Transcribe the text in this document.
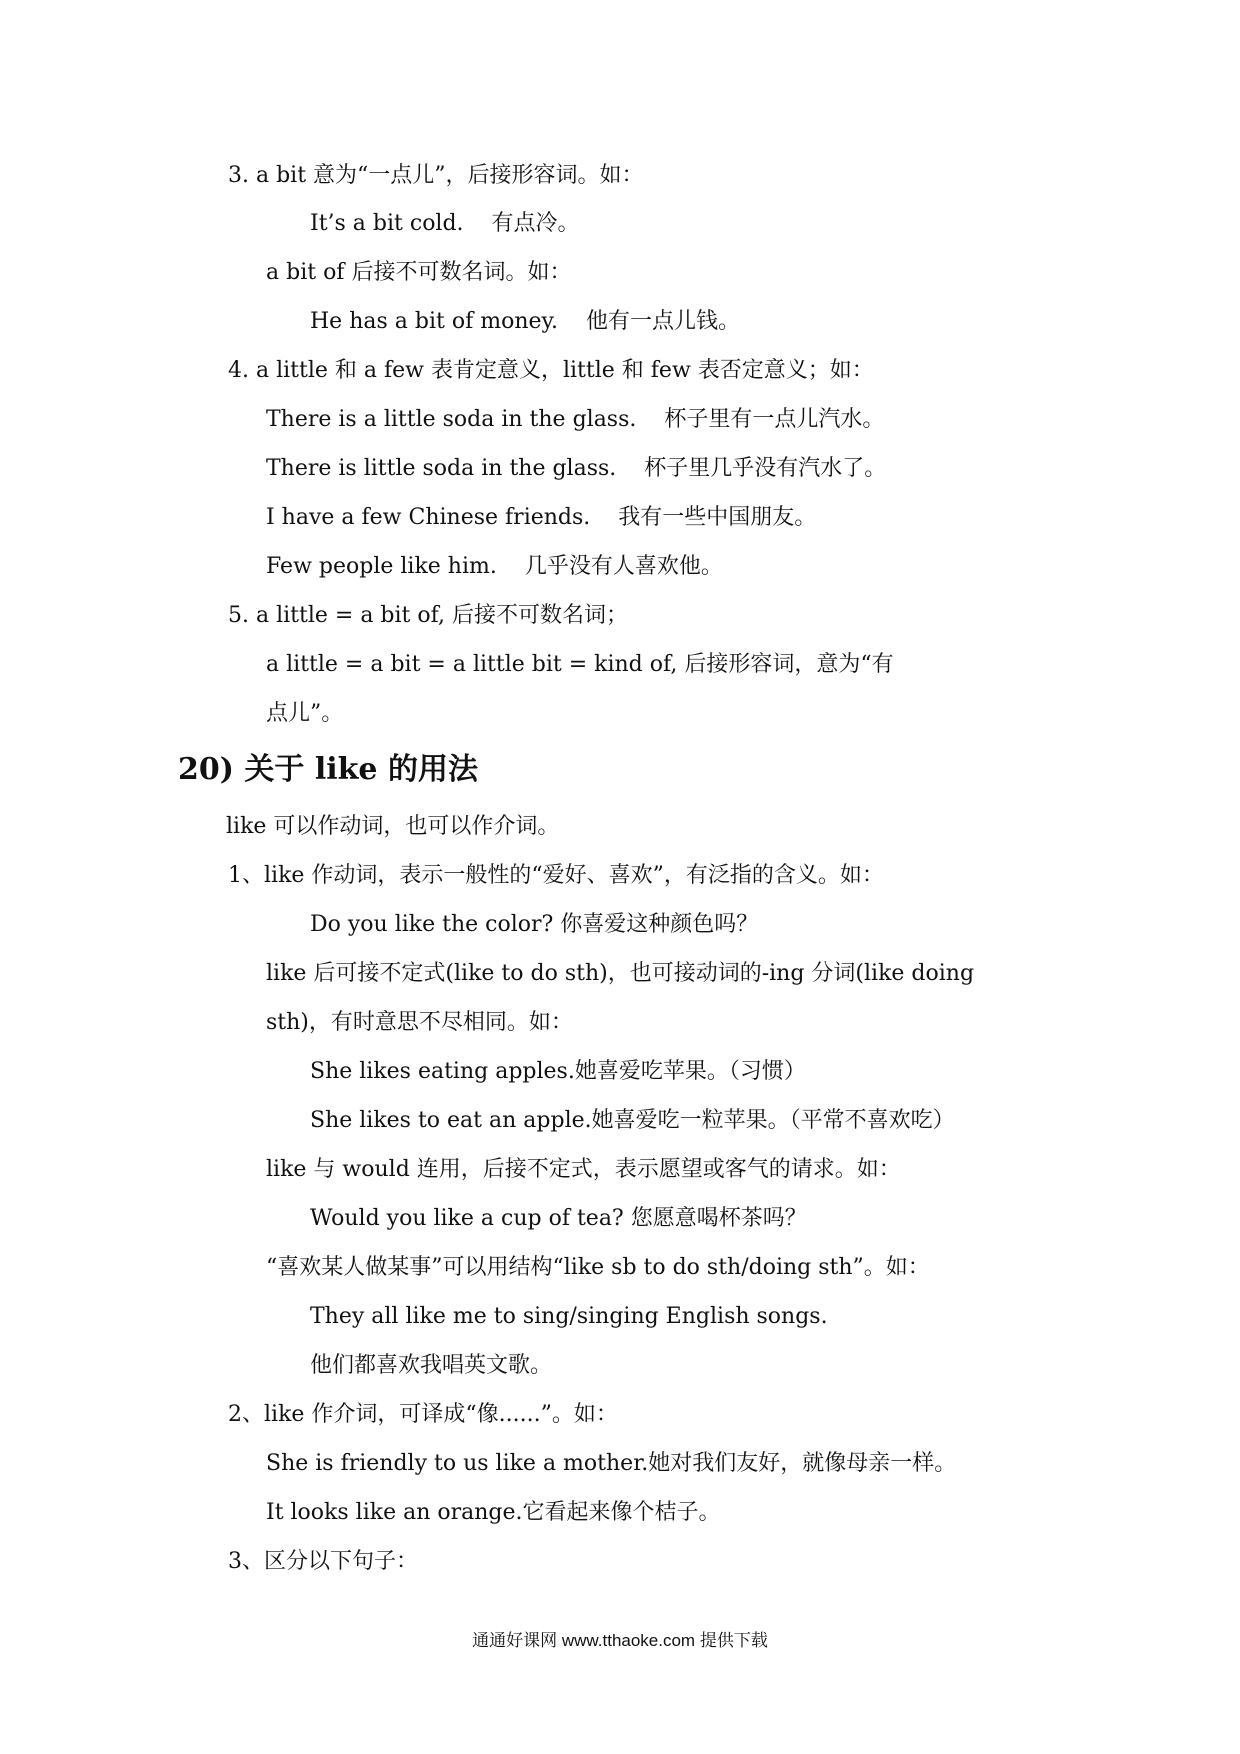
3. a bit 意为“一点儿”，后接形容词。如：
It’s a bit cold.    有点冷。
a bit of 后接不可数名词。如：
He has a bit of money.    他有一点儿钱。
4. a little 和 a few 表肯定意义，little 和 few 表否定意义；如：
There is a little soda in the glass.    杯子里有一点儿汽水。
There is little soda in the glass.    杯子里几乎没有汽水了。
I have a few Chinese friends.    我有一些中国朋友。
Few people like him.    几乎没有人喜欢他。
5. a little = a bit of, 后接不可数名词；
a little = a bit = a little bit = kind of, 后接形容词，意为“有
点儿”。
20) 关于 like 的用法
like 可以作动词，也可以作介词。
1、like 作动词，表示一般性的“爱好、喜欢”，有泛指的含义。如：
Do you like the color? 你喜爱这种颜色吗？
like 后可接不定式(like to do sth)，也可接动词的-ing 分词(like doing
sth)，有时意思不尽相同。如：
She likes eating apples.她喜爱吃苹果。（习惯）
She likes to eat an apple.她喜爱吃一粒苹果。（平常不喜欢吃）
like 与 would 连用，后接不定式，表示愿望或客气的请求。如：
Would you like a cup of tea? 您愿意喝杯茶吗？
“喜欢某人做某事”可以用结构“like sb to do sth/doing sth”。如：
They all like me to sing/singing English songs.
他们都喜欢我唱英文歌。
2、like 作介词，可译成“像......”。如：
She is friendly to us like a mother.她对我们友好，就像母亲一样。
It looks like an orange.它看起来像个桔子。
3、区分以下句子：
通通好课网 www.tthaoke.com 提供下载
